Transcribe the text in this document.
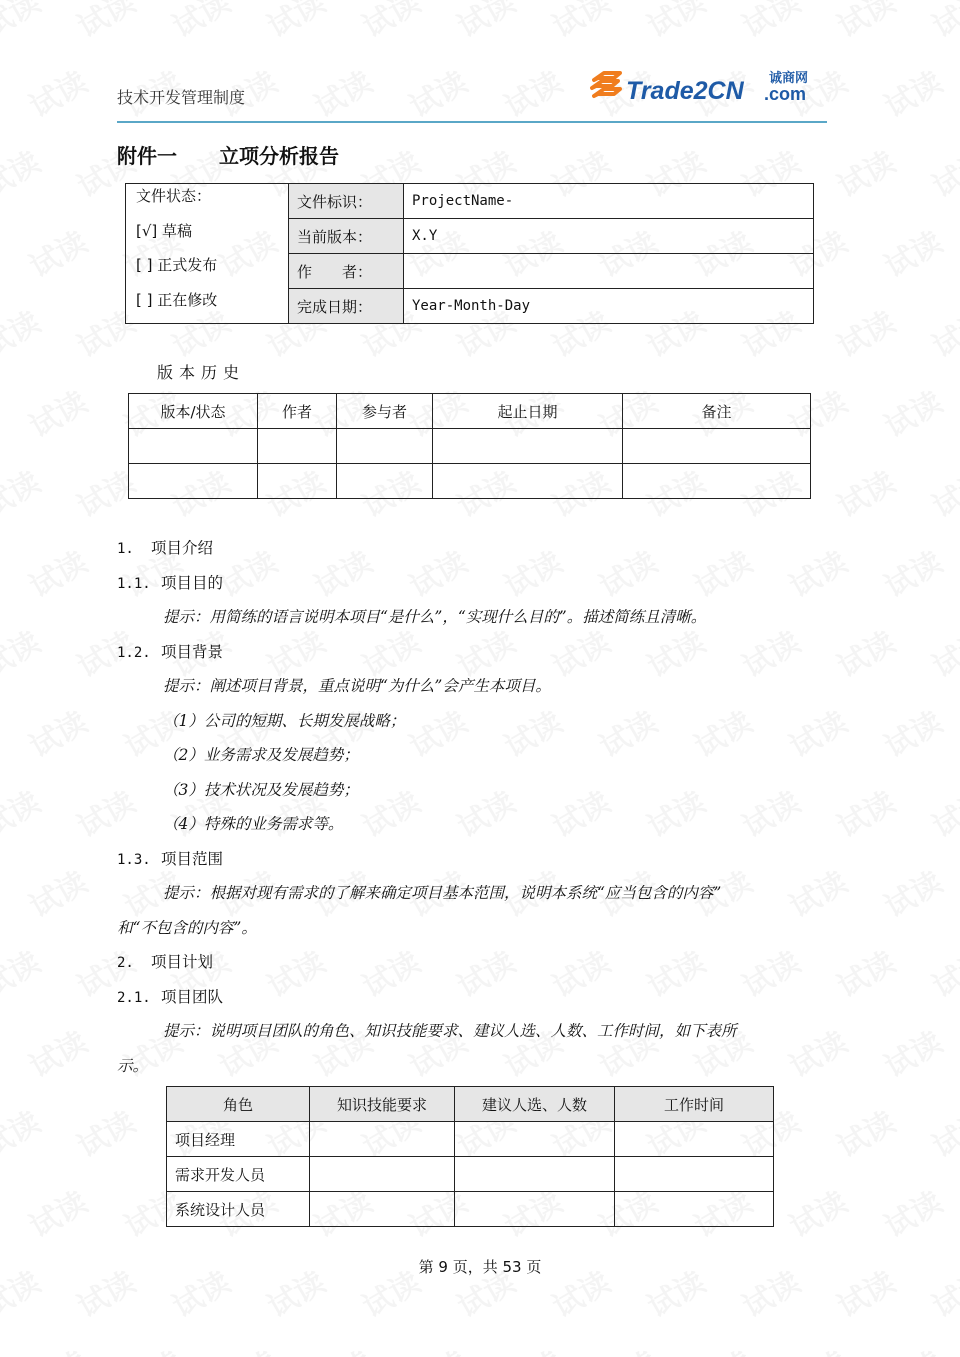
技术开发管理制度	Trade2CN 诚商网
.com
附件一 立项分析报告
文件状态：
[√] 草稿
[ ] 正式发布
[ ] 正在修改	文件标识：	ProjectName-
	当前版本：	X.Y
	作　　者：	
	完成日期：	Year-Month-Day
版本历史
版本/状态	作者	参与者	起止日期	备注

1. 项目介绍
1.1. 项目目的
提示：用简练的语言说明本项目“是什么”，“实现什么目的”。描述简练且清晰。
1.2. 项目背景
提示：阐述项目背景，重点说明“为什么”会产生本项目。
（1）公司的短期、长期发展战略；
（2）业务需求及发展趋势；
（3）技术状况及发展趋势；
（4）特殊的业务需求等。
1.3. 项目范围
提示：根据对现有需求的了解来确定项目基本范围，说明本系统“应当包含的内容”
和“不包含的内容”。
2. 项目计划
2.1. 项目团队
提示：说明项目团队的角色、知识技能要求、建议人选、人数、工作时间，如下表所
示。
角色	知识技能要求	建议人选、人数	工作时间
项目经理			
需求开发人员			
系统设计人员			
第 9 页，共 53 页
